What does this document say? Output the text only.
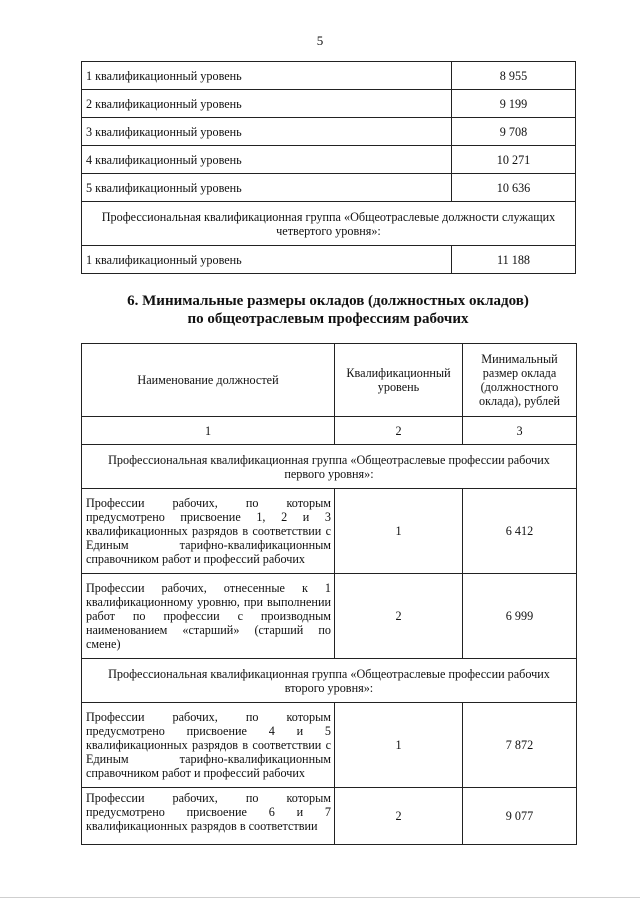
5
1 квалификационный уровень	8 955
2 квалификационный уровень	9 199
3 квалификационный уровень	9 708
4 квалификационный уровень	10 271
5 квалификационный уровень	10 636
Профессиональная квалификационная группа «Общеотраслевые должности служащих четвертого уровня»:	
1 квалификационный уровень	11 188
6. Минимальные размеры окладов (должностных окладов)
по общеотраслевым профессиям рабочих
Наименование должностей	Квалификационный уровень	Минимальный размер оклада (должностного оклада), рублей
1	2	3
Профессиональная квалификационная группа «Общеотраслевые профессии рабочих первого уровня»:		
Профессии рабочих, по которым предусмотрено присвоение 1, 2 и 3 квалификационных разрядов в соответствии с Единым тарифно-квалификационным справочником работ и профессий рабочих	1	6 412
Профессии рабочих, отнесенные к 1 квалификационному уровню, при выполнении работ по профессии с производным наименованием «старший» (старший по смене)	2	6 999
Профессиональная квалификационная группа «Общеотраслевые профессии рабочих второго уровня»:		
Профессии рабочих, по которым предусмотрено присвоение 4 и 5 квалификационных разрядов в соответствии с Единым тарифно-квалификационным справочником работ и профессий рабочих	1	7 872
Профессии рабочих, по которым предусмотрено присвоение 6 и 7 квалификационных разрядов в соответствии	2	9 077
